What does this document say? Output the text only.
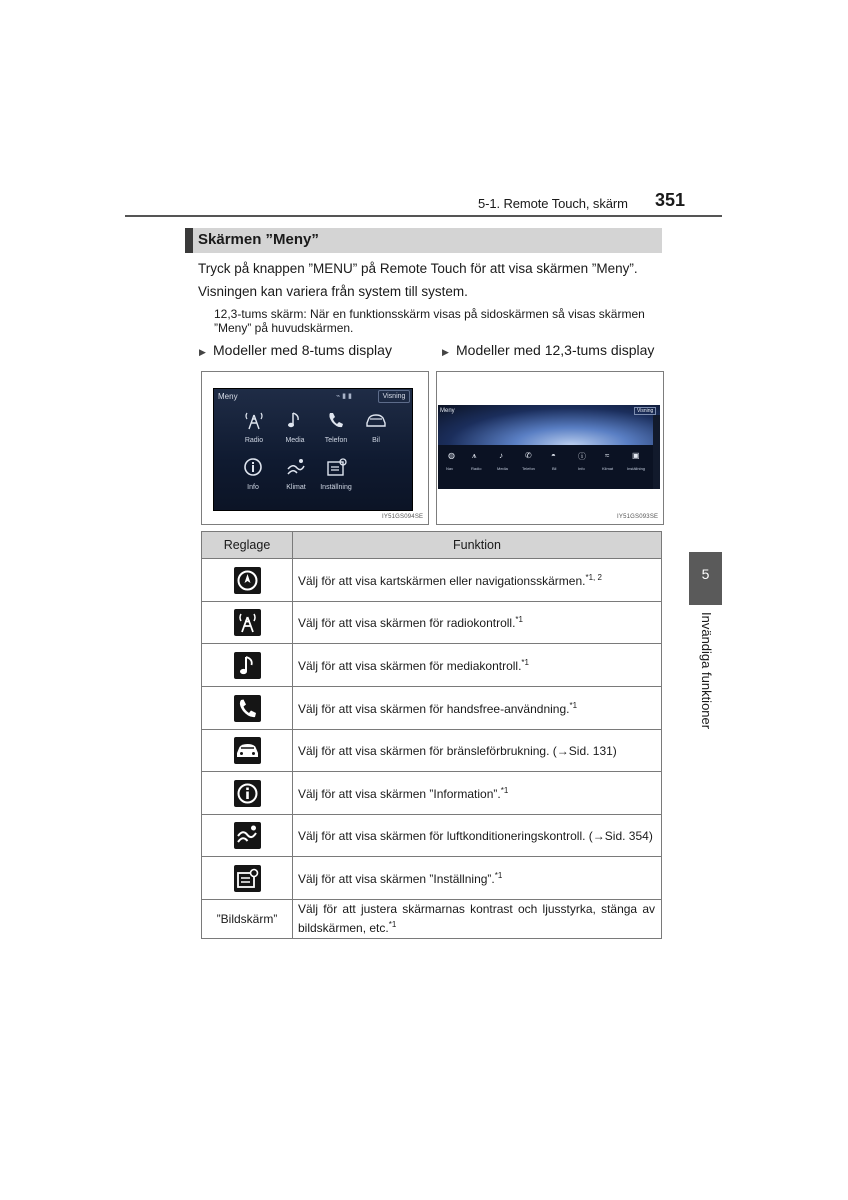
5-1. Remote Touch, skärm 351
Skärmen ”Meny”
Tryck på knappen ”MENU” på Remote Touch för att visa skärmen ”Meny”.
Visningen kan variera från system till system.
12,3-tums skärm: När en funktionsskärm visas på sidoskärmen så visas skärmen
”Meny” på huvudskärmen.
▶ Modeller med 8-tums display	▶ Modeller med 12,3-tums display
Meny	⌁ ▮ ▮	Visning
Radio	Media	Telefon	Bil
Info	Klimat	Inställning
IY51GS094SE
Meny	Visning
◍ ⩚	♪	✆ ◓	ⓘ ≈	▣
Nav	Radio	Media	Telefon	Bil	Info	Klimat	Inställning
IY51GS093SE
Reglage	Funktion
	Välj för att visa kartskärmen eller navigationsskärmen.$^{*1, 2}$
	Välj för att visa skärmen för radiokontroll.$^{*1}$
	Välj för att visa skärmen för mediakontroll.$^{*1}$
	Välj för att visa skärmen för handsfree-användning.$^{*1}$
	Välj för att visa skärmen för bränsleförbrukning. (→Sid. 131)
	Välj för att visa skärmen ”Information”.$^{*1}$
	Välj för att visa skärmen för luftkonditioneringskontroll. (→Sid. 354)
	Välj för att visa skärmen ”Inställning”.$^{*1}$
”Bildskärm”	Välj för att justera skärmarnas kontrast och ljusstyrka, stänga av bildskärmen, etc.$^{*1}$
5
Invändiga funktioner
